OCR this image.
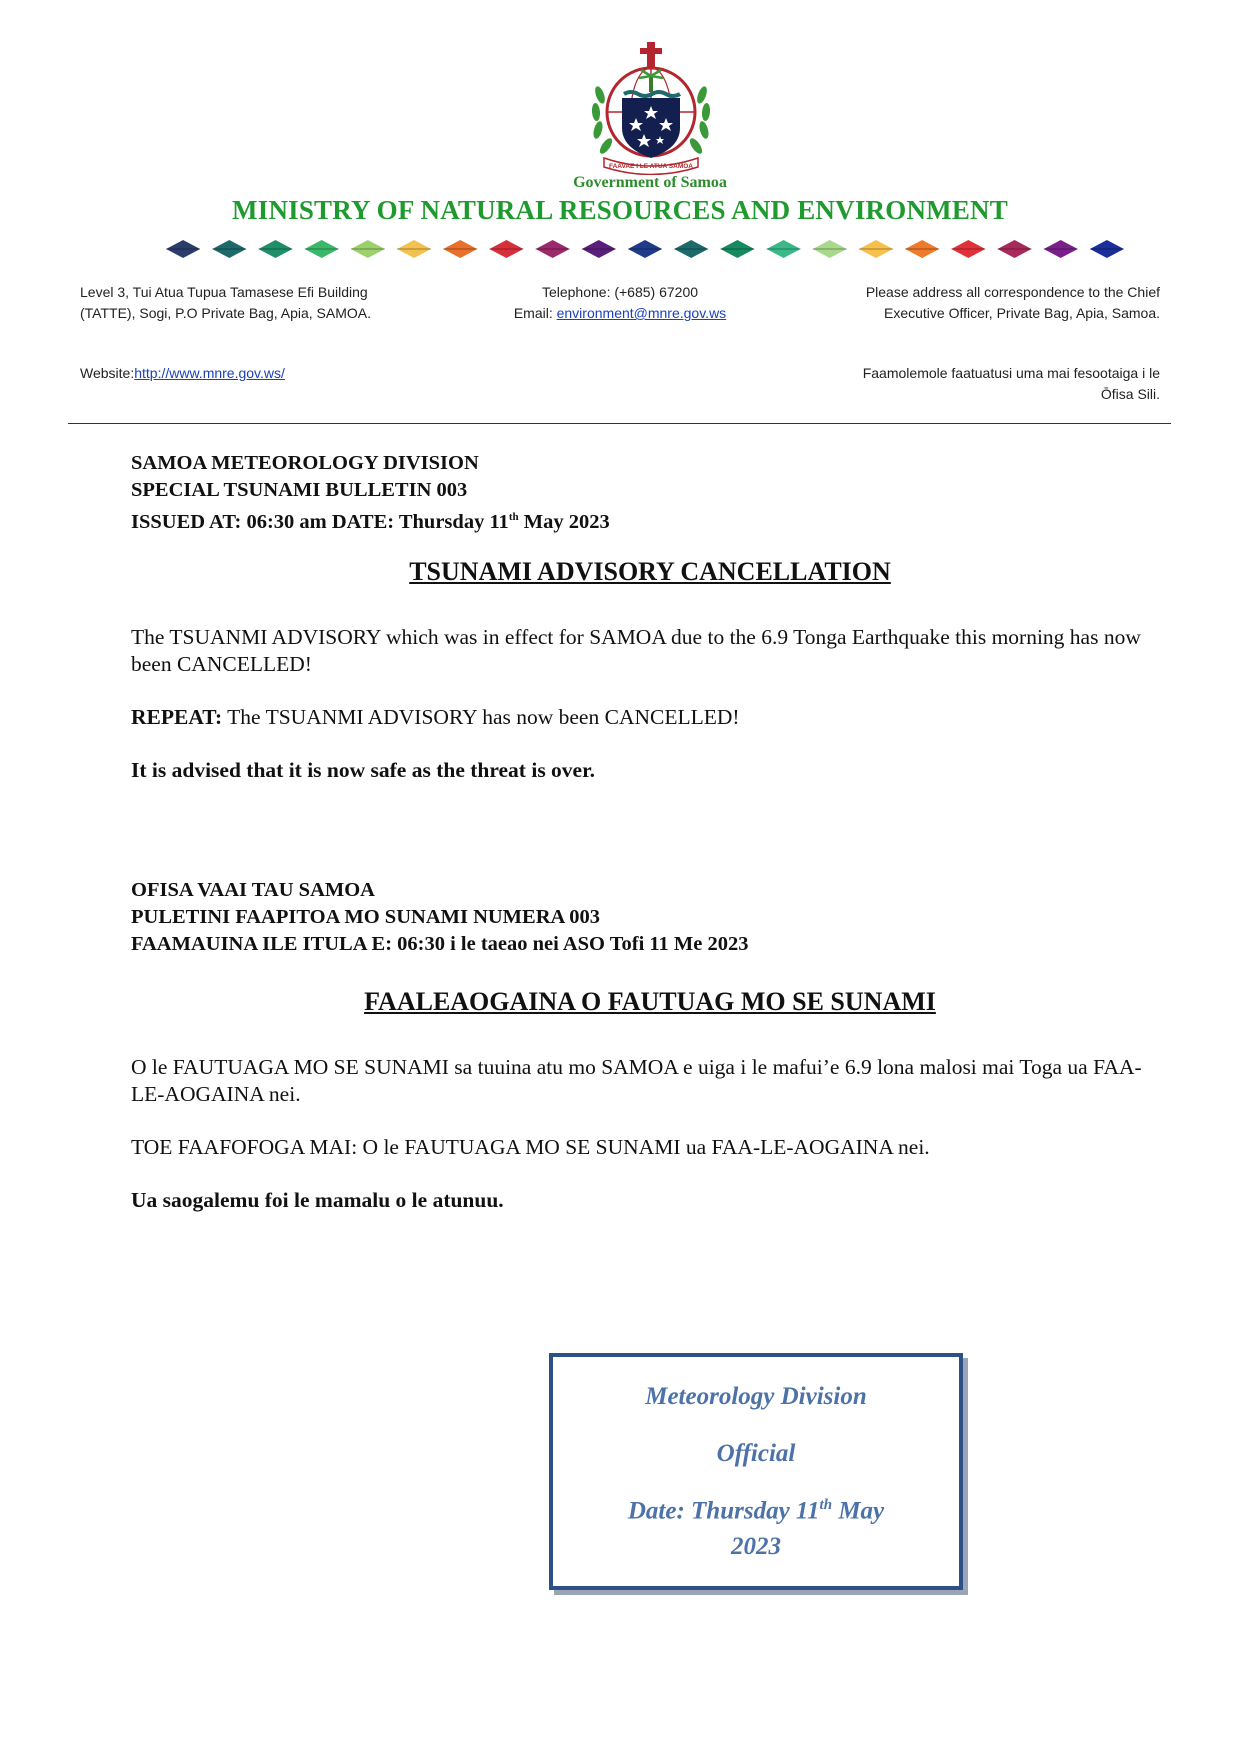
FAAVAE I LE ATUA SAMOA
Government of Samoa
MINISTRY OF NATURAL RESOURCES AND ENVIRONMENT
Level 3, Tui Atua Tupua Tamasese Efi Building
(TATTE), Sogi, P.O Private Bag, Apia, SAMOA.
Telephone: (+685) 67200
Email: environment@mnre.gov.ws
Please address all correspondence to the Chief
Executive Officer, Private Bag, Apia, Samoa.
Website:http://www.mnre.gov.ws/	Faamolemole faatuatusi uma mai fesootaiga i le
Ōfisa Sili.
SAMOA METEOROLOGY DIVISION
SPECIAL TSUNAMI BULLETIN 003
ISSUED AT: 06:30 am DATE: Thursday 11th May 2023
TSUNAMI ADVISORY CANCELLATION
The TSUANMI ADVISORY which was in effect for SAMOA due to the 6.9 Tonga Earthquake this morning has now been CANCELLED!
REPEAT: The TSUANMI ADVISORY has now been CANCELLED!
It is advised that it is now safe as the threat is over.
OFISA VAAI TAU SAMOA
PULETINI FAAPITOA MO SUNAMI NUMERA 003
FAAMAUINA ILE ITULA E: 06:30 i le taeao nei ASO Tofi 11 Me 2023
FAALEAOGAINA O FAUTUAG MO SE SUNAMI
O le FAUTUAGA MO SE SUNAMI sa tuuina atu mo SAMOA e uiga i le mafui’e 6.9 lona malosi mai Toga ua FAA-LE-AOGAINA nei.
TOE FAAFOFOGA MAI: O le FAUTUAGA MO SE SUNAMI ua FAA-LE-AOGAINA nei.
Ua saogalemu foi le mamalu o le atunuu.
Meteorology Division
Official
Date: Thursday 11th May
2023
